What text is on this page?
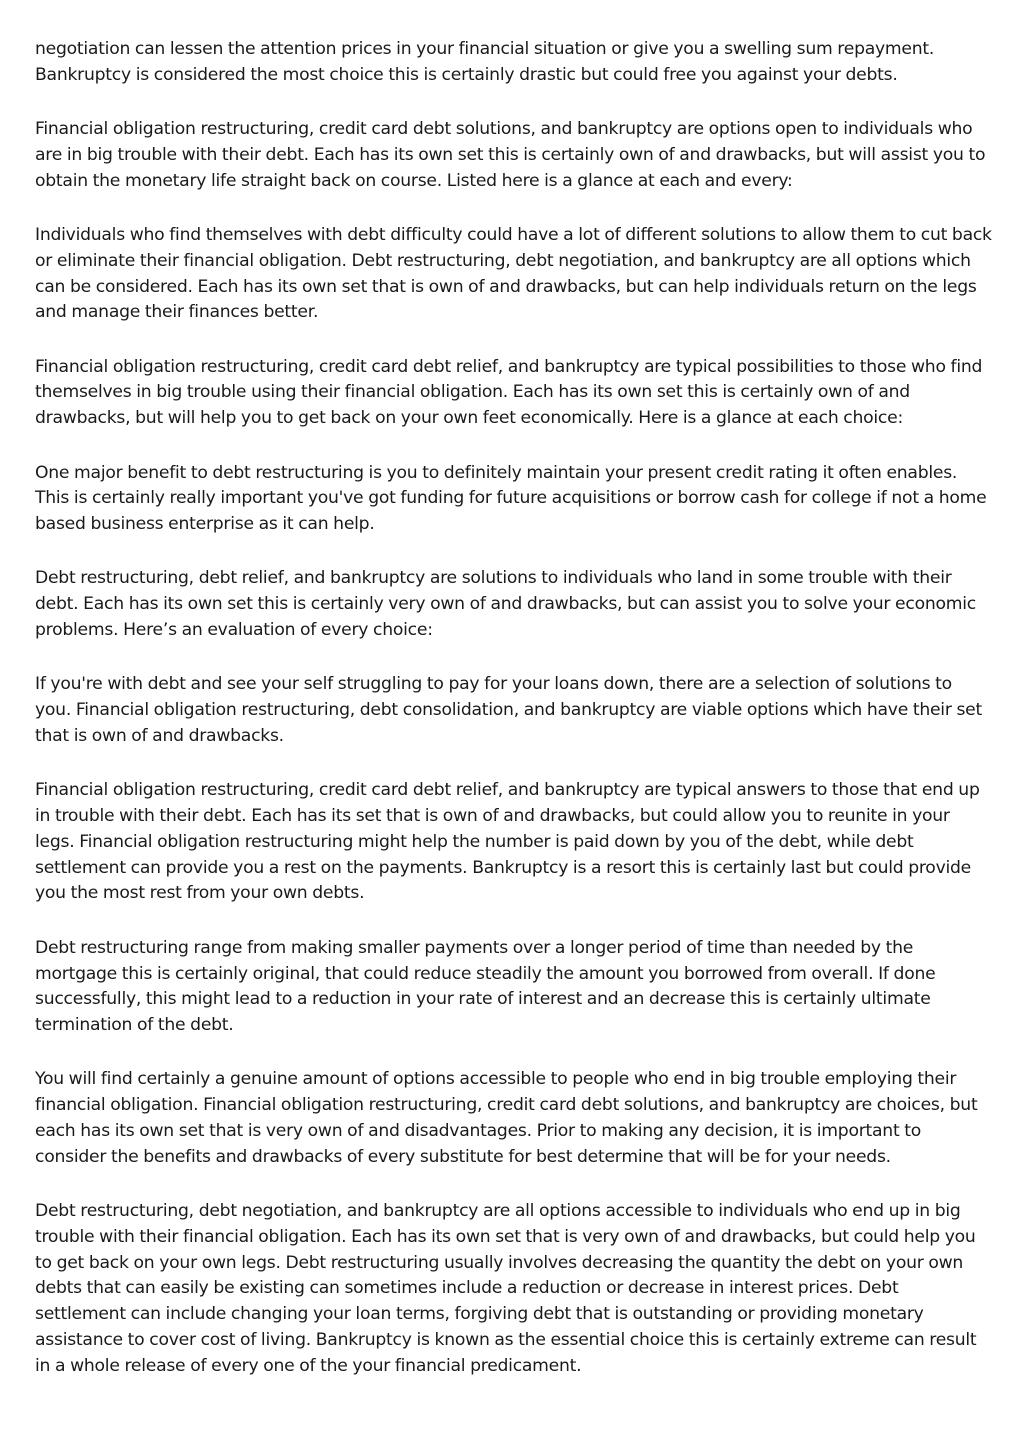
negotiation can lessen the attention prices in your financial situation or give you a swelling sum repayment. Bankruptcy is considered the most choice this is certainly drastic but could free you against your debts.

Financial obligation restructuring, credit card debt solutions, and bankruptcy are options open to individuals who are in big trouble with their debt. Each has its own set this is certainly own of and drawbacks, but will assist you to obtain the monetary life straight back on course. Listed here is a glance at each and every:

Individuals who find themselves with debt difficulty could have a lot of different solutions to allow them to cut back or eliminate their financial obligation. Debt restructuring, debt negotiation, and bankruptcy are all options which can be considered. Each has its own set that is own of and drawbacks, but can help individuals return on the legs and manage their finances better.

Financial obligation restructuring, credit card debt relief, and bankruptcy are typical possibilities to those who find themselves in big trouble using their financial obligation. Each has its own set this is certainly own of and drawbacks, but will help you to get back on your own feet economically. Here is a glance at each choice:

One major benefit to debt restructuring is you to definitely maintain your present credit rating it often enables. This is certainly really important you've got funding for future acquisitions or borrow cash for college if not a home based business enterprise as it can help.

Debt restructuring, debt relief, and bankruptcy are solutions to individuals who land in some trouble with their debt. Each has its own set this is certainly very own of and drawbacks, but can assist you to solve your economic problems. Here’s an evaluation of every choice:

If you're with debt and see your self struggling to pay for your loans down, there are a selection of solutions to you. Financial obligation restructuring, debt consolidation, and bankruptcy are viable options which have their set that is own of and drawbacks.

Financial obligation restructuring, credit card debt relief, and bankruptcy are typical answers to those that end up in trouble with their debt. Each has its set that is own of and drawbacks, but could allow you to reunite in your legs. Financial obligation restructuring might help the number is paid down by you of the debt, while debt settlement can provide you a rest on the payments. Bankruptcy is a resort this is certainly last but could provide you the most rest from your own debts.

Debt restructuring range from making smaller payments over a longer period of time than needed by the mortgage this is certainly original, that could reduce steadily the amount you borrowed from overall. If done successfully, this might lead to a reduction in your rate of interest and an decrease this is certainly ultimate termination of the debt.

You will find certainly a genuine amount of options accessible to people who end in big trouble employing their financial obligation. Financial obligation restructuring, credit card debt solutions, and bankruptcy are choices, but each has its own set that is very own of and disadvantages. Prior to making any decision, it is important to consider the benefits and drawbacks of every substitute for best determine that will be for your needs.

Debt restructuring, debt negotiation, and bankruptcy are all options accessible to individuals who end up in big trouble with their financial obligation. Each has its own set that is very own of and drawbacks, but could help you to get back on your own legs. Debt restructuring usually involves decreasing the quantity the debt on your own debts that can easily be existing can sometimes include a reduction or decrease in interest prices. Debt settlement can include changing your loan terms, forgiving debt that is outstanding or providing monetary assistance to cover cost of living. Bankruptcy is known as the essential choice this is certainly extreme can result in a whole release of every one of the your financial predicament.
